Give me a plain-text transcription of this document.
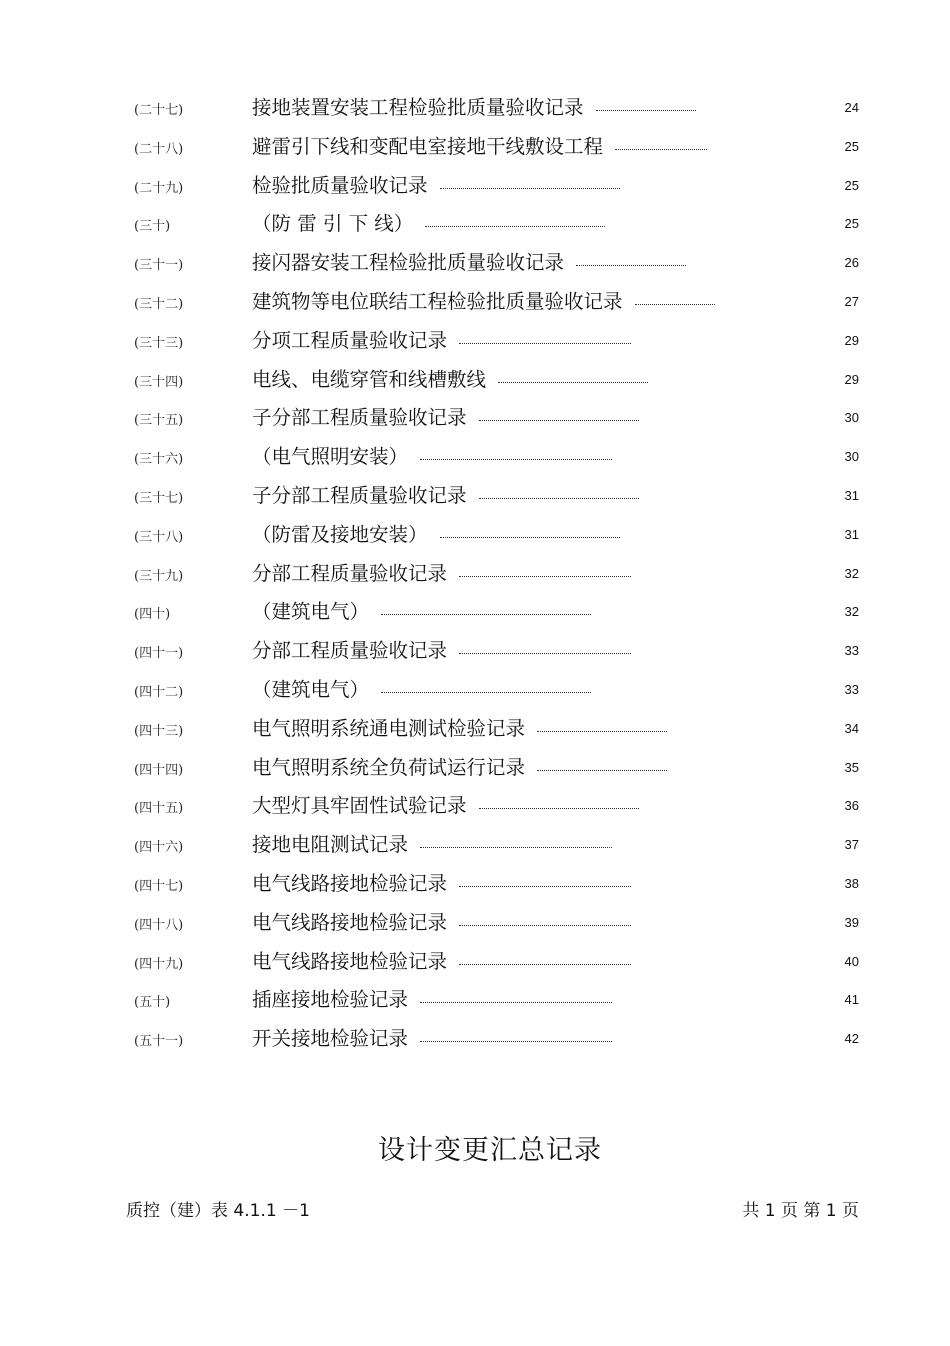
(二十七)	接地装置安装工程检验批质量验收记录	24
(二十八)	避雷引下线和变配电室接地干线敷设工程	25
(二十九)	检验批质量验收记录	25
(三十)	（防 雷 引 下 线）	25
(三十一)	接闪器安装工程检验批质量验收记录	26
(三十二)	建筑物等电位联结工程检验批质量验收记录	27
(三十三)	分项工程质量验收记录	29
(三十四)	电线、电缆穿管和线槽敷线	29
(三十五)	子分部工程质量验收记录	30
(三十六)	（电气照明安装）	30
(三十七)	子分部工程质量验收记录	31
(三十八)	（防雷及接地安装）	31
(三十九)	分部工程质量验收记录	32
(四十)	（建筑电气）	32
(四十一)	分部工程质量验收记录	33
(四十二)	（建筑电气）	33
(四十三)	电气照明系统通电测试检验记录	34
(四十四)	电气照明系统全负荷试运行记录	35
(四十五)	大型灯具牢固性试验记录	36
(四十六)	接地电阻测试记录	37
(四十七)	电气线路接地检验记录	38
(四十八)	电气线路接地检验记录	39
(四十九)	电气线路接地检验记录	40
(五十)	插座接地检验记录	41
(五十一)	开关接地检验记录	42
设计变更汇总记录
质控（建）表 4.1.1 －1	共 1 页 第 1 页
